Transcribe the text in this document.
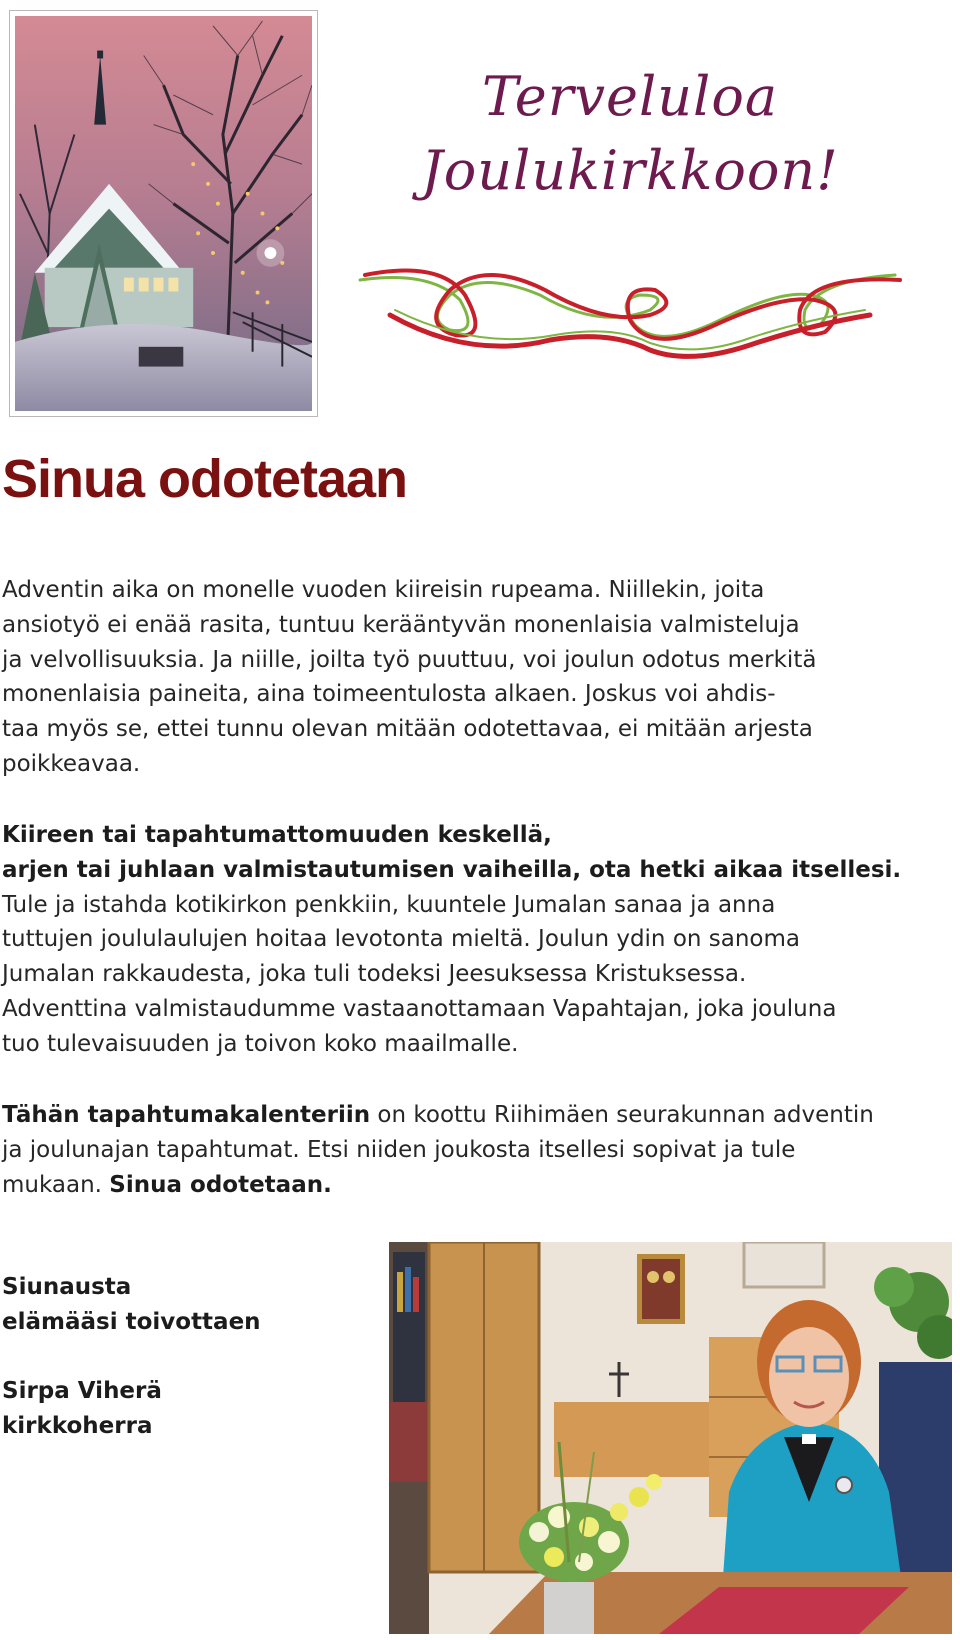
Terveluloa
Joulukirkkoon!
Sinua odotetaan
Adventin aika on monelle vuoden kiireisin rupeama. Niillekin, joita
ansiotyö ei enää rasita, tuntuu kerääntyvän monenlaisia valmisteluja
ja velvollisuuksia. Ja niille, joilta työ puuttuu, voi joulun odotus merkitä
monenlaisia paineita, aina toimeentulosta alkaen. Joskus voi ahdis-
taa myös se, ettei tunnu olevan mitään odotettavaa, ei mitään arjesta
poikkeavaa.
Kiireen tai tapahtumattomuuden keskellä,
arjen tai juhlaan valmistautumisen vaiheilla, ota hetki aikaa itsellesi.
Tule ja istahda kotikirkon penkkiin, kuuntele Jumalan sanaa ja anna
tuttujen joululaulujen hoitaa levotonta mieltä. Joulun ydin on sanoma
Jumalan rakkaudesta, joka tuli todeksi Jeesuksessa Kristuksessa.
Adventtina valmistaudumme vastaanottamaan Vapahtajan, joka jouluna
tuo tulevaisuuden ja toivon koko maailmalle.
Tähän tapahtumakalenteriin on koottu Riihimäen seurakunnan adventin
ja joulunajan tapahtumat. Etsi niiden joukosta itsellesi sopivat ja tule
mukaan. Sinua odotetaan.
Siunausta
elämääsi toivottaen
Sirpa Viherä
kirkkoherra
